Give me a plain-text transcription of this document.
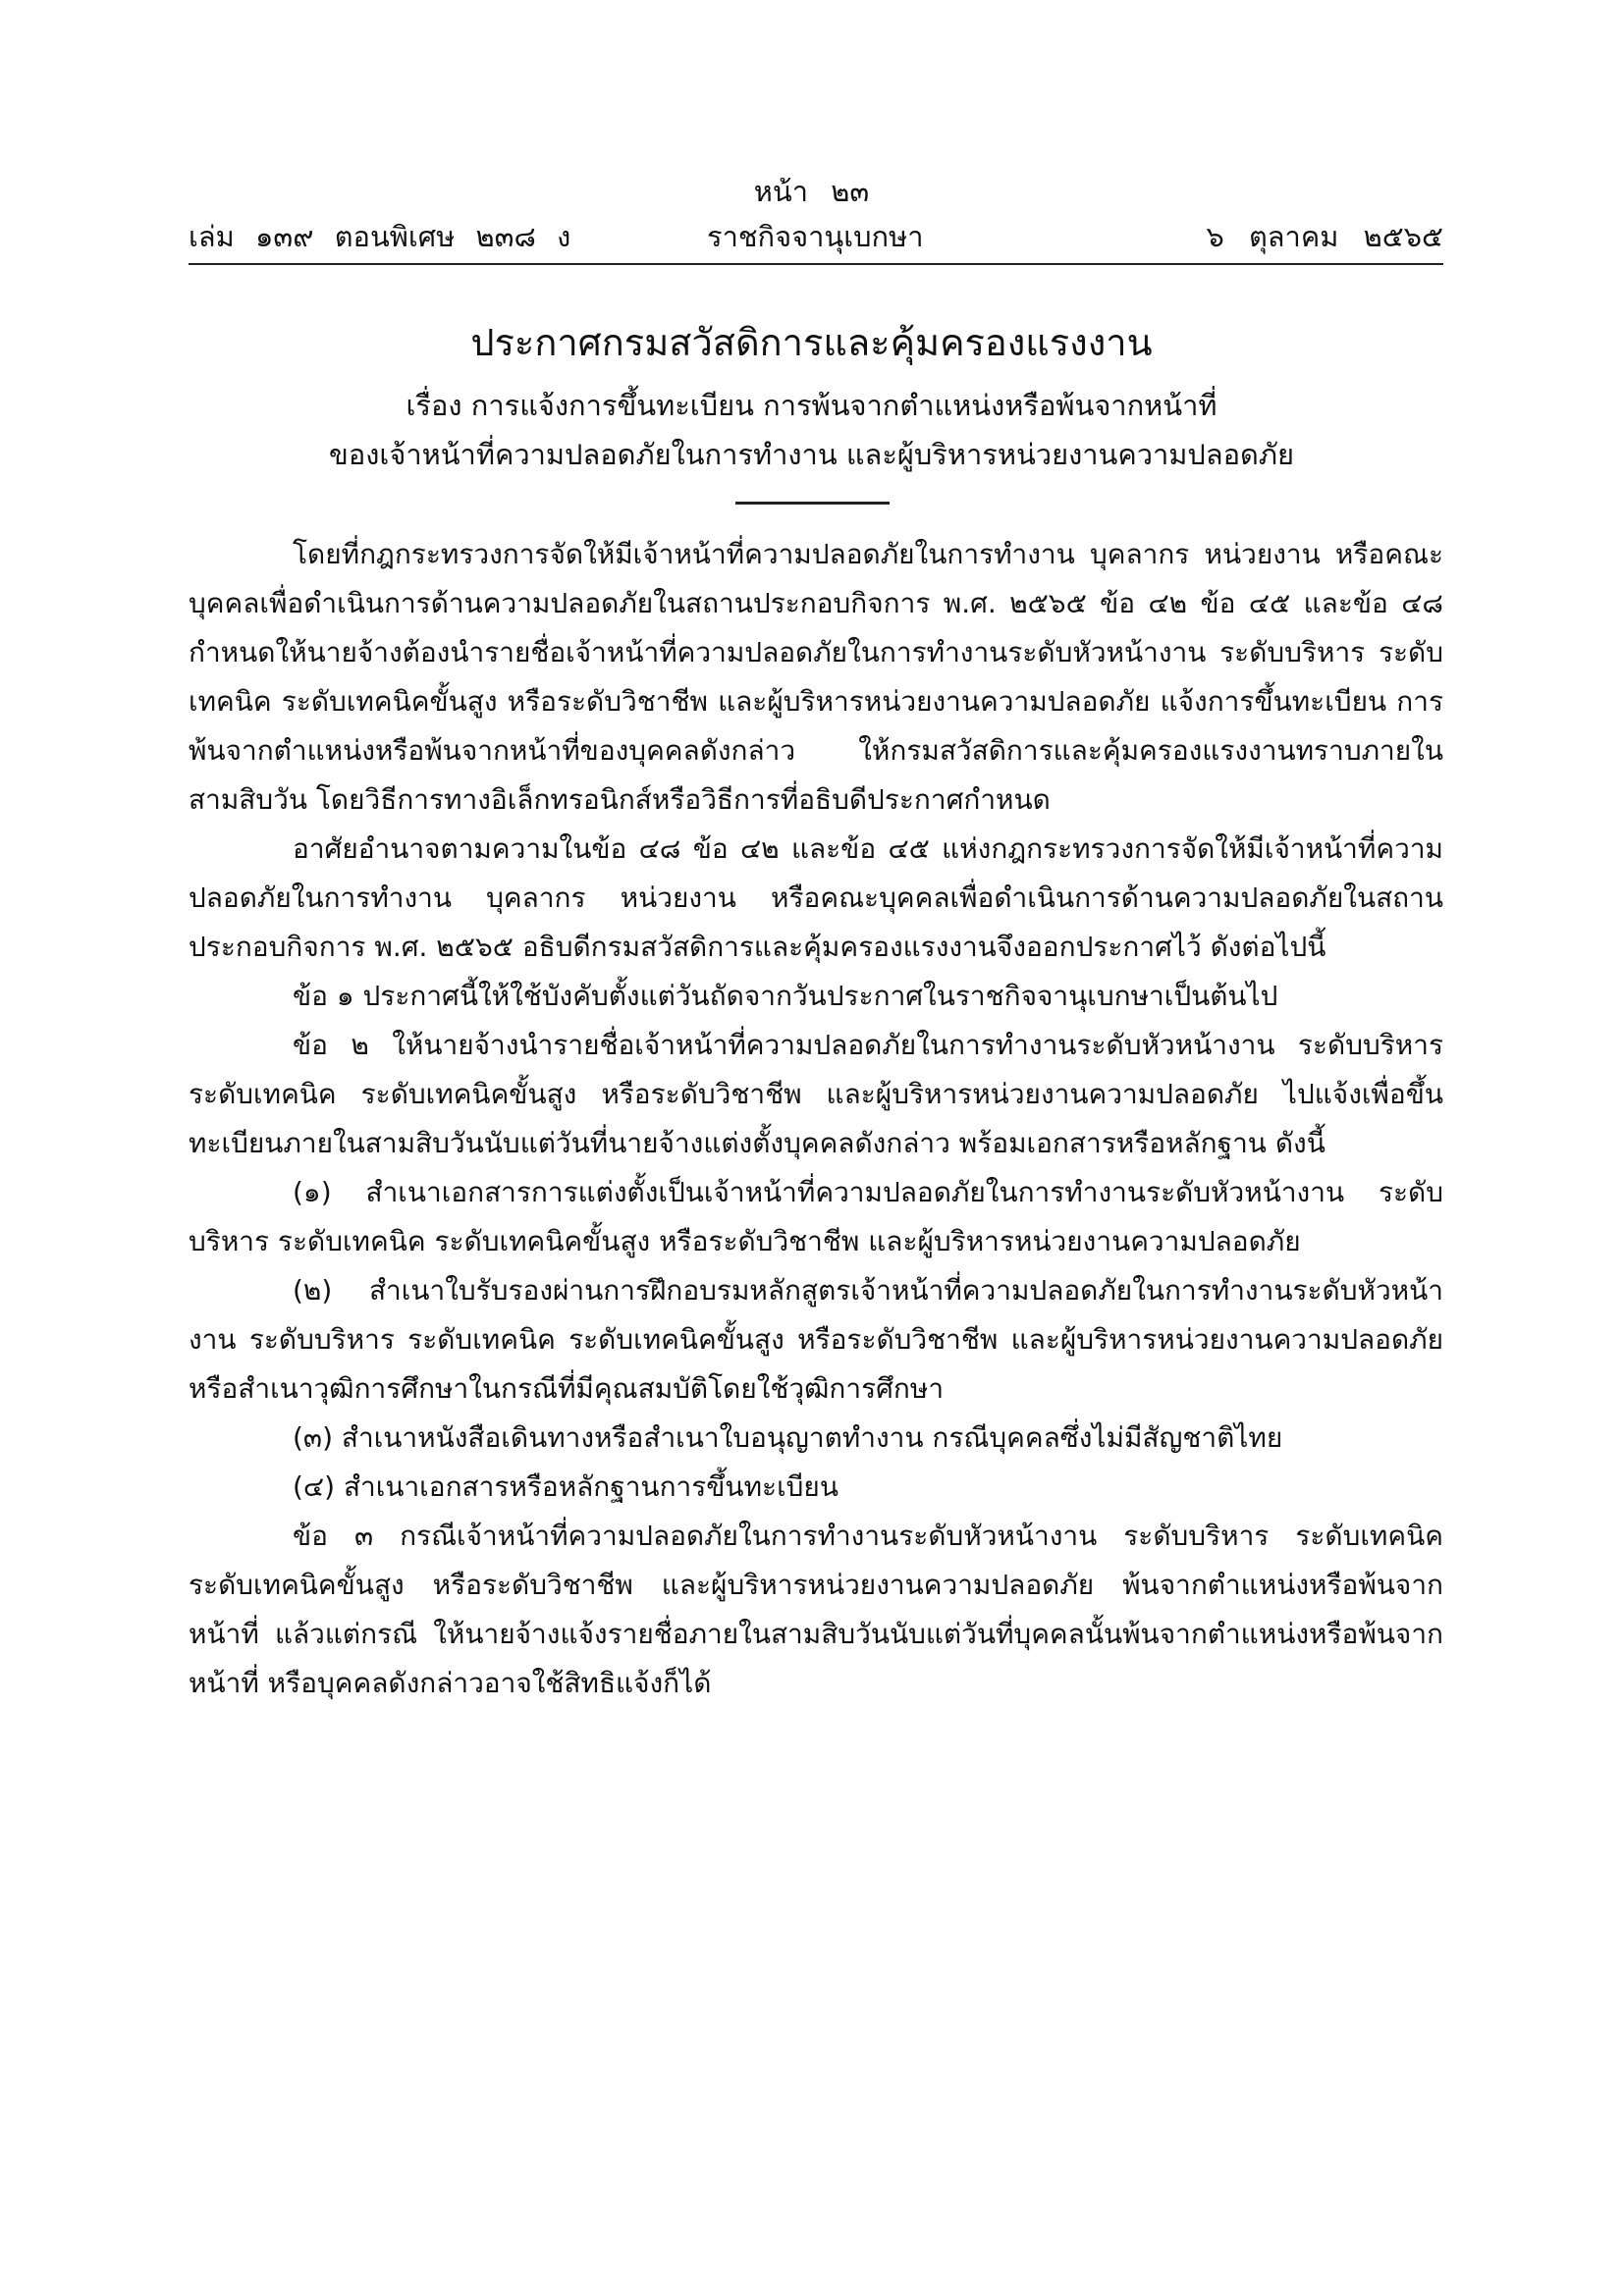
หน้า ๒๓
เล่ม ๑๓๙ ตอนพิเศษ ๒๓๘ ง	ราชกิจจานุเบกษา	๖ ตุลาคม ๒๕๖๕
ประกาศกรมสวัสดิการและคุ้มครองแรงงาน
เรื่อง การแจ้งการขึ้นทะเบียน การพ้นจากตำแหน่งหรือพ้นจากหน้าที่
ของเจ้าหน้าที่ความปลอดภัยในการทำงาน และผู้บริหารหน่วยงานความปลอดภัย

โดยที่กฎกระทรวงการจัดให้มีเจ้าหน้าที่ความปลอดภัยในการทำงาน บุคลากร หน่วยงาน หรือคณะบุคคลเพื่อดำเนินการด้านความปลอดภัยในสถานประกอบกิจการ พ.ศ. ๒๕๖๕ ข้อ ๔๒ ข้อ ๔๕ และข้อ ๔๘ กำหนดให้นายจ้างต้องนำรายชื่อเจ้าหน้าที่ความปลอดภัยในการทำงานระดับหัวหน้างาน ระดับบริหาร ระดับเทคนิค ระดับเทคนิคขั้นสูง หรือระดับวิชาชีพ และผู้บริหารหน่วยงานความปลอดภัย แจ้งการขึ้นทะเบียน การพ้นจากตำแหน่งหรือพ้นจากหน้าที่ของบุคคลดังกล่าว ให้กรมสวัสดิการและคุ้มครองแรงงานทราบภายในสามสิบวัน โดยวิธีการทางอิเล็กทรอนิกส์หรือวิธีการที่อธิบดีประกาศกำหนด

อาศัยอำนาจตามความในข้อ ๔๘ ข้อ ๔๒ และข้อ ๔๕ แห่งกฎกระทรวงการจัดให้มีเจ้าหน้าที่ความปลอดภัยในการทำงาน บุคลากร หน่วยงาน หรือคณะบุคคลเพื่อดำเนินการด้านความปลอดภัยในสถานประกอบกิจการ พ.ศ. ๒๕๖๕ อธิบดีกรมสวัสดิการและคุ้มครองแรงงานจึงออกประกาศไว้ ดังต่อไปนี้

ข้อ ๑ ประกาศนี้ให้ใช้บังคับตั้งแต่วันถัดจากวันประกาศในราชกิจจานุเบกษาเป็นต้นไป

ข้อ ๒ ให้นายจ้างนำรายชื่อเจ้าหน้าที่ความปลอดภัยในการทำงานระดับหัวหน้างาน ระดับบริหาร ระดับเทคนิค ระดับเทคนิคขั้นสูง หรือระดับวิชาชีพ และผู้บริหารหน่วยงานความปลอดภัย ไปแจ้งเพื่อขึ้นทะเบียนภายในสามสิบวันนับแต่วันที่นายจ้างแต่งตั้งบุคคลดังกล่าว พร้อมเอกสารหรือหลักฐาน ดังนี้

(๑) สำเนาเอกสารการแต่งตั้งเป็นเจ้าหน้าที่ความปลอดภัยในการทำงานระดับหัวหน้างาน ระดับบริหาร ระดับเทคนิค ระดับเทคนิคขั้นสูง หรือระดับวิชาชีพ และผู้บริหารหน่วยงานความปลอดภัย

(๒) สำเนาใบรับรองผ่านการฝึกอบรมหลักสูตรเจ้าหน้าที่ความปลอดภัยในการทำงานระดับหัวหน้างาน ระดับบริหาร ระดับเทคนิค ระดับเทคนิคขั้นสูง หรือระดับวิชาชีพ และผู้บริหารหน่วยงานความปลอดภัย หรือสำเนาวุฒิการศึกษาในกรณีที่มีคุณสมบัติโดยใช้วุฒิการศึกษา

(๓) สำเนาหนังสือเดินทางหรือสำเนาใบอนุญาตทำงาน กรณีบุคคลซึ่งไม่มีสัญชาติไทย

(๔) สำเนาเอกสารหรือหลักฐานการขึ้นทะเบียน

ข้อ ๓ กรณีเจ้าหน้าที่ความปลอดภัยในการทำงานระดับหัวหน้างาน ระดับบริหาร ระดับเทคนิค ระดับเทคนิคขั้นสูง หรือระดับวิชาชีพ และผู้บริหารหน่วยงานความปลอดภัย พ้นจากตำแหน่งหรือพ้นจากหน้าที่ แล้วแต่กรณี ให้นายจ้างแจ้งรายชื่อภายในสามสิบวันนับแต่วันที่บุคคลนั้นพ้นจากตำแหน่งหรือพ้นจากหน้าที่ หรือบุคคลดังกล่าวอาจใช้สิทธิแจ้งก็ได้
